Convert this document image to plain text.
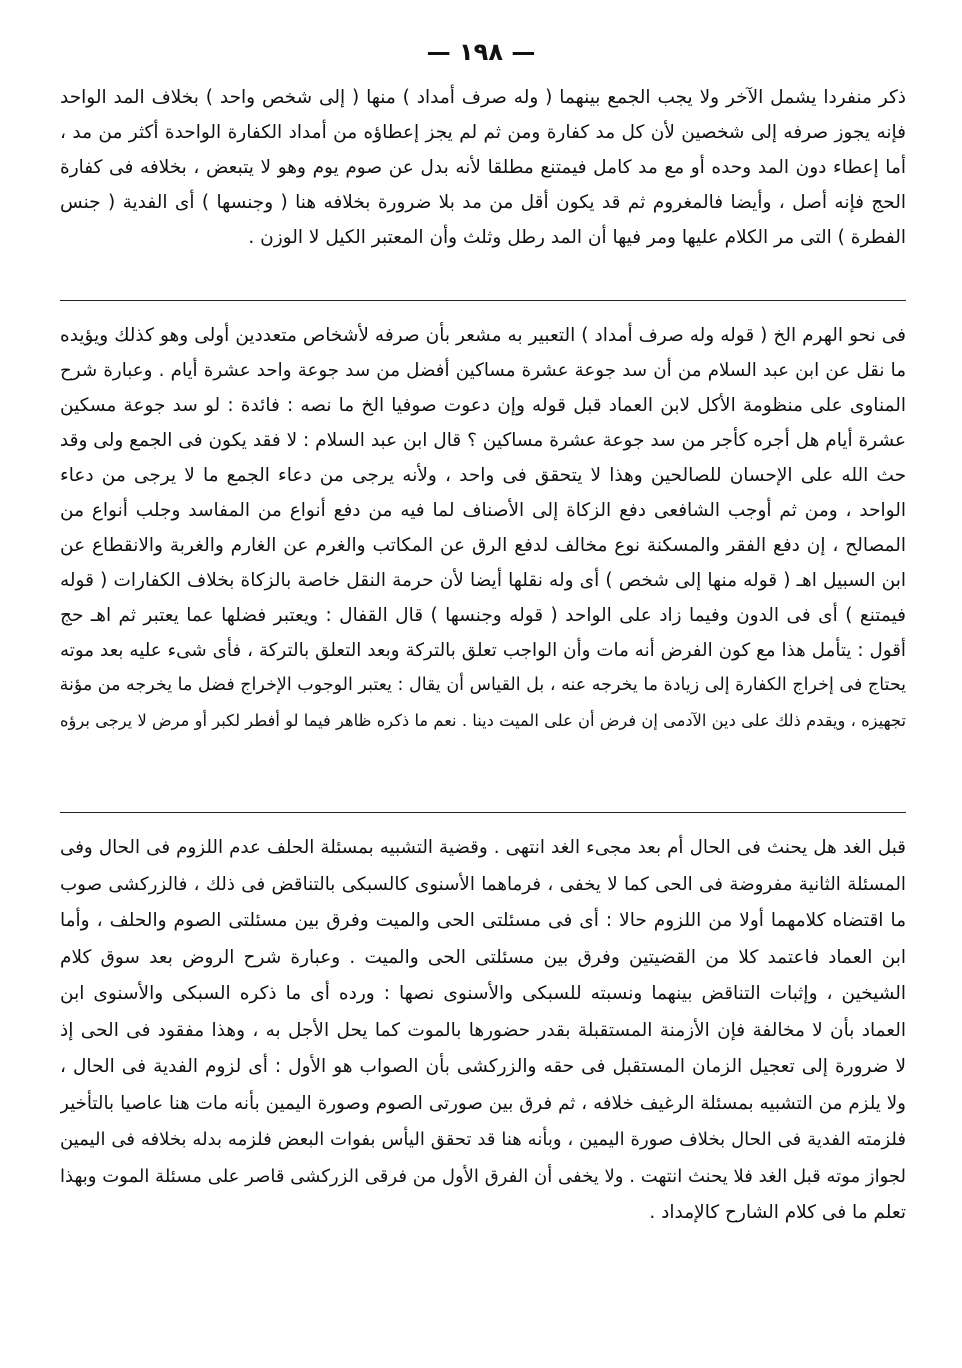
— ١٩٨ —
ذكر منفردا يشمل الآخر ولا يجب الجمع بينهما ( وله صرف أمداد ) منها ( إلى شخص واحد ) بخلاف المد الواحد
فإنه يجوز صرفه إلى شخصين لأن كل مد كفارة ومن ثم لم يجز إعطاؤه من أمداد الكفارة الواحدة أكثر من مد ،
أما إعطاء دون المد وحده أو مع مد كامل فيمتنع مطلقا لأنه بدل عن صوم يوم وهو لا يتبعض ، بخلافه فى كفارة
الحج فإنه أصل ، وأيضا فالمغروم ثم قد يكون أقل من مد بلا ضرورة بخلافه هنا ( وجنسها ) أى الفدية ( جنس
الفطرة ) التى مر الكلام عليها ومر فيها أن المد رطل وثلث وأن المعتبر الكيل لا الوزن .
فى نحو الهرم الخ ( قوله وله صرف أمداد ) التعبير به مشعر بأن صرفه لأشخاص متعددين أولى وهو كذلك ويؤيده
ما نقل عن ابن عبد السلام من أن سد جوعة عشرة مساكين أفضل من سد جوعة واحد عشرة أيام . وعبارة شرح
المناوى على منظومة الأكل لابن العماد قبل قوله وإن دعوت صوفيا الخ ما نصه : فائدة : لو سد جوعة مسكين
عشرة أيام هل أجره كأجر من سد جوعة عشرة مساكين ؟ قال ابن عبد السلام : لا فقد يكون فى الجمع ولى وقد
حث الله على الإحسان للصالحين وهذا لا يتحقق فى واحد ، ولأنه يرجى من دعاء الجمع ما لا يرجى من دعاء
الواحد ، ومن ثم أوجب الشافعى دفع الزكاة إلى الأصناف لما فيه من دفع أنواع من المفاسد وجلب أنواع من
المصالح ، إن دفع الفقر والمسكنة نوع مخالف لدفع الرق عن المكاتب والغرم عن الغارم والغربة والانقطاع عن
ابن السبيل اهـ ( قوله منها إلى شخص ) أى وله نقلها أيضا لأن حرمة النقل خاصة بالزكاة بخلاف الكفارات ( قوله
فيمتنع ) أى فى الدون وفيما زاد على الواحد ( قوله وجنسها ) قال القفال : ويعتبر فضلها عما يعتبر ثم اهـ حج
أقول : يتأمل هذا مع كون الفرض أنه مات وأن الواجب تعلق بالتركة وبعد التعلق بالتركة ، فأى شىء عليه بعد موته
يحتاج فى إخراج الكفارة إلى زيادة ما يخرجه عنه ، بل القياس أن يقال : يعتبر الوجوب الإخراج فضل ما يخرجه من مؤنة
تجهيزه ، ويقدم ذلك على دين الآدمى إن فرض أن على الميت دينا . نعم ما ذكره ظاهر فيما لو أفطر لكبر أو مرض لا يرجى برؤه
قبل الغد هل يحنث فى الحال أم بعد مجىء الغد انتهى . وقضية التشبيه بمسئلة الحلف عدم اللزوم فى الحال وفى
المسئلة الثانية مفروضة فى الحى كما لا يخفى ، فرماهما الأسنوى كالسبكى بالتناقض فى ذلك ، فالزركشى صوب
ما اقتضاه كلامهما أولا من اللزوم حالا : أى فى مسئلتى الحى والميت وفرق بين مسئلتى الصوم والحلف ، وأما
ابن العماد فاعتمد كلا من القضيتين وفرق بين مسئلتى الحى والميت . وعبارة شرح الروض بعد سوق كلام
الشيخين ، وإثبات التناقض بينهما ونسبته للسبكى والأسنوى نصها : ورده أى ما ذكره السبكى والأسنوى ابن
العماد بأن لا مخالفة فإن الأزمنة المستقبلة بقدر حضورها بالموت كما يحل الأجل به ، وهذا مفقود فى الحى إذ
لا ضرورة إلى تعجيل الزمان المستقبل فى حقه والزركشى بأن الصواب هو الأول : أى لزوم الفدية فى الحال ،
ولا يلزم من التشبيه بمسئلة الرغيف خلافه ، ثم فرق بين صورتى الصوم وصورة اليمين بأنه مات هنا عاصيا بالتأخير
فلزمته الفدية فى الحال بخلاف صورة اليمين ، وبأنه هنا قد تحقق اليأس بفوات البعض فلزمه بدله بخلافه فى اليمين
لجواز موته قبل الغد فلا يحنث انتهت . ولا يخفى أن الفرق الأول من فرقى الزركشى قاصر على مسئلة الموت وبهذا
تعلم ما فى كلام الشارح كالإمداد .
